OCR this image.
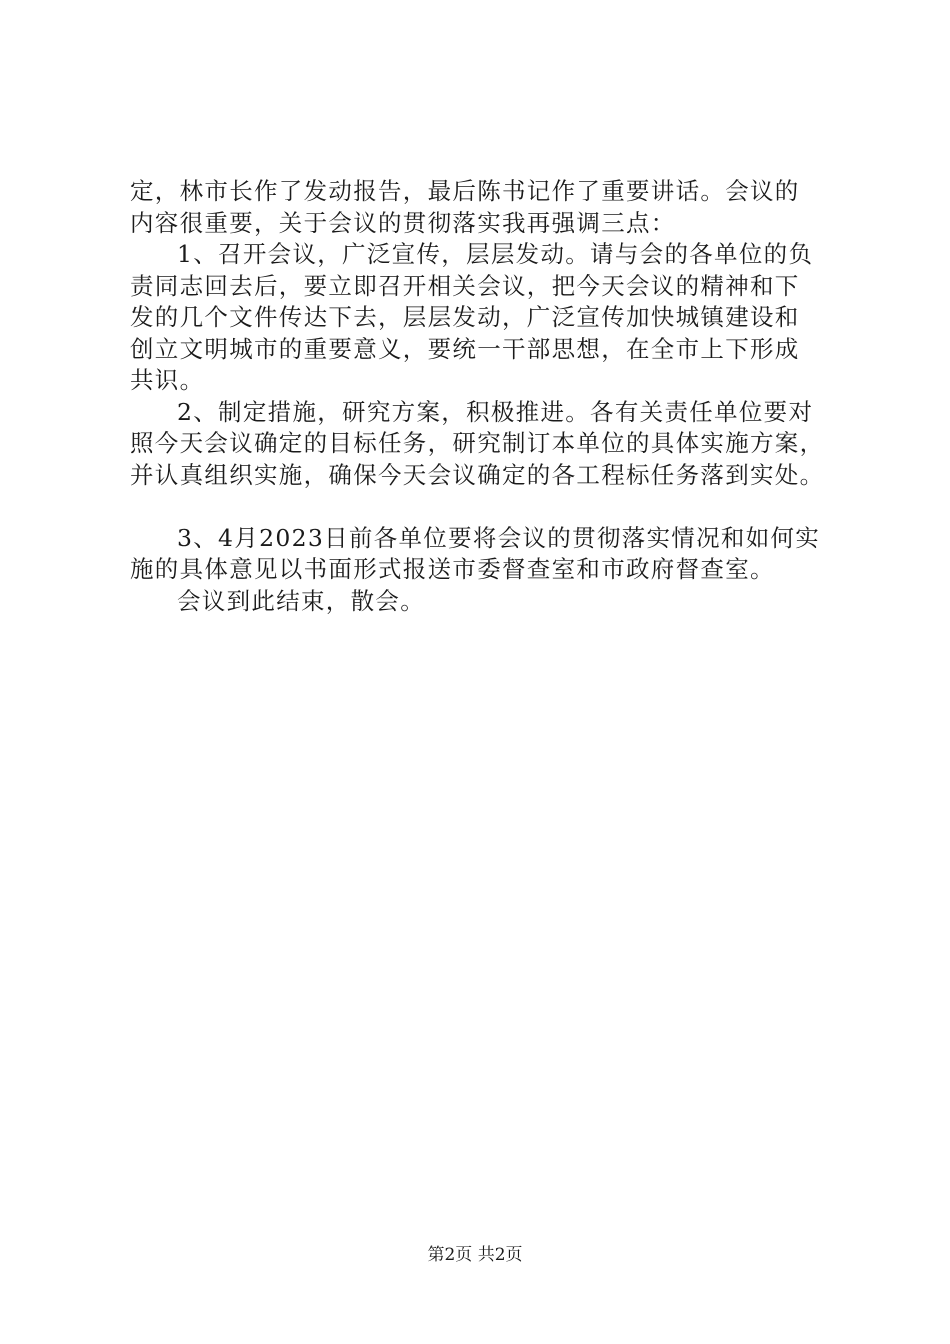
定，林市长作了发动报告，最后陈书记作了重要讲话。会议的
内容很重要，关于会议的贯彻落实我再强调三点：
1、召开会议，广泛宣传，层层发动。请与会的各单位的负
责同志回去后，要立即召开相关会议，把今天会议的精神和下
发的几个文件传达下去，层层发动，广泛宣传加快城镇建设和
创立文明城市的重要意义，要统一干部思想，在全市上下形成
共识。
2、制定措施，研究方案，积极推进。各有关责任单位要对
照今天会议确定的目标任务，研究制订本单位的具体实施方案，
并认真组织实施，确保今天会议确定的各工程标任务落到实处。
3、4月2023日前各单位要将会议的贯彻落实情况和如何实
施的具体意见以书面形式报送市委督查室和市政府督查室。
会议到此结束，散会。
第2页 共2页
